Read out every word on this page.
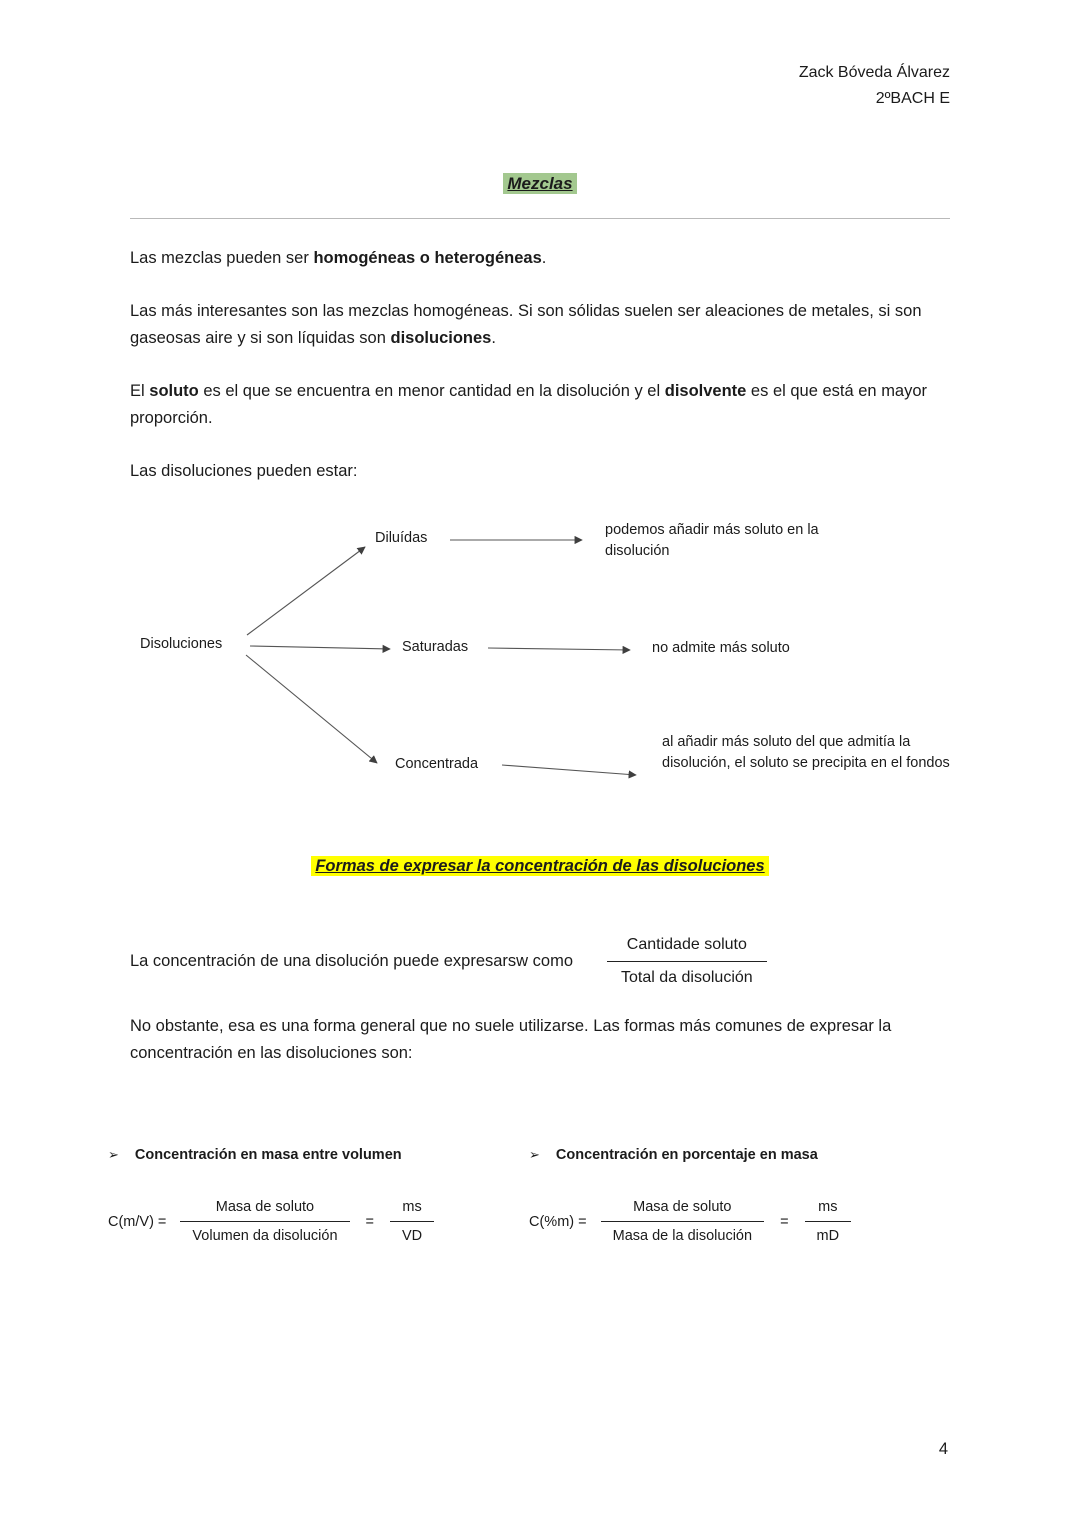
Zack Bóveda Álvarez
2ºBACH E
Mezclas

Las mezclas pueden ser homogéneas o heterogéneas.

Las más interesantes son las mezclas homogéneas. Si son sólidas suelen ser aleaciones de metales, si son gaseosas aire y si son líquidas son disoluciones.

El soluto es el que se encuentra en menor cantidad en la disolución y el disolvente es el que está en mayor proporción.

Las disoluciones pueden estar:

Disoluciones
Diluídas
Saturadas
Concentrada
podemos añadir más soluto en la disolución
no admite más soluto
al añadir más soluto del que admitía la disolución, el soluto se precipita en el fondos
Formas de expresar la concentración de las disoluciones
La concentración de una disolución puede expresarsw como $\frac{\text{Cantidade soluto}}{\text{Total da disolución}}$

No obstante, esa es una forma general que no suele utilizarse. Las formas más comunes de expresar la concentración en las disoluciones son:

➢ Concentración en masa entre volumen
$C(m/V) = \frac{\text{Masa de soluto}}{\text{Volumen da disolución}} = \frac{ms}{VD}$
➢ Concentración en porcentaje en masa
$C(\%m) = \frac{\text{Masa de soluto}}{\text{Masa de la disolución}} = \frac{ms}{mD}$
4
